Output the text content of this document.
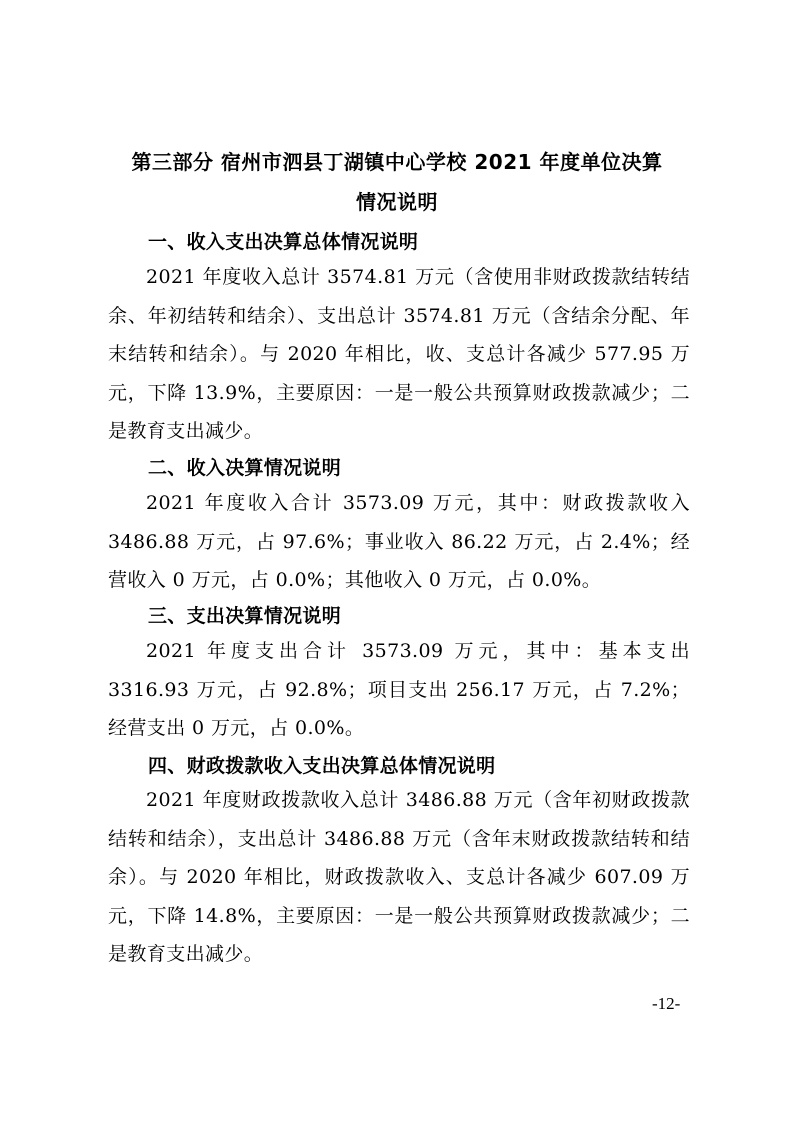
第三部分 宿州市泗县丁湖镇中心学校 2021 年度单位决算
情况说明
一、收入支出决算总体情况说明
2021 年度收入总计 3574.81 万元（含使用非财政拨款结转结余、年初结转和结余）、支出总计 3574.81 万元（含结余分配、年末结转和结余）。与 2020 年相比，收、支总计各减少 577.95 万元，下降 13.9%，主要原因：一是一般公共预算财政拨款减少；二是教育支出减少。
二、收入决算情况说明
2021 年度收入合计 3573.09 万元，其中：财政拨款收入 3486.88 万元，占 97.6%；事业收入 86.22 万元，占 2.4%；经营收入 0 万元，占 0.0%；其他收入 0 万元，占 0.0%。
三、支出决算情况说明
2021 年度支出合计 3573.09 万元，其中：基本支出 3316.93 万元，占 92.8%；项目支出 256.17 万元，占 7.2%；经营支出 0 万元，占 0.0%。
四、财政拨款收入支出决算总体情况说明
2021 年度财政拨款收入总计 3486.88 万元（含年初财政拨款结转和结余），支出总计 3486.88 万元（含年末财政拨款结转和结余）。与 2020 年相比，财政拨款收入、支总计各减少 607.09 万元，下降 14.8%，主要原因：一是一般公共预算财政拨款减少；二是教育支出减少。
-12-
